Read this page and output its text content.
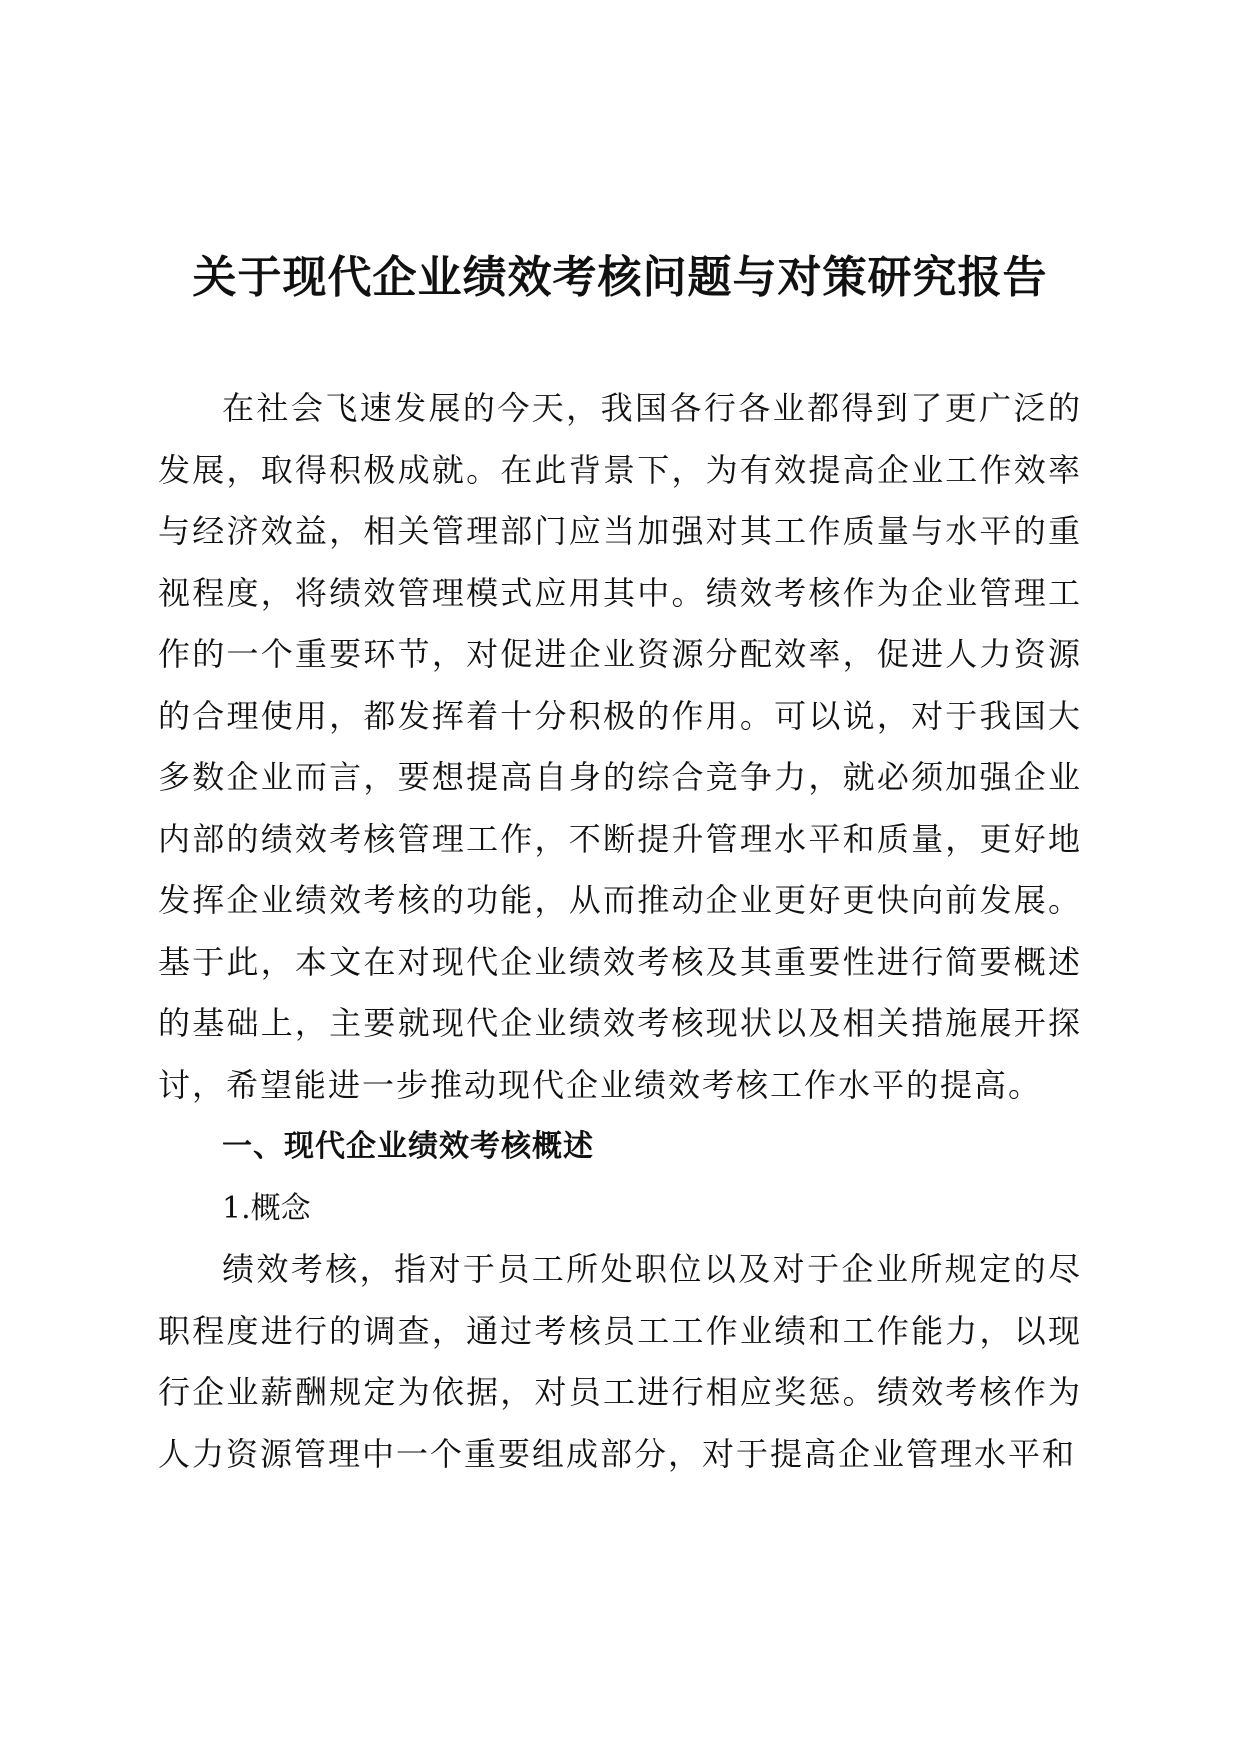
关于现代企业绩效考核问题与对策研究报告

在社会飞速发展的今天，我国各行各业都得到了更广泛的发展，取得积极成就。在此背景下，为有效提高企业工作效率与经济效益，相关管理部门应当加强对其工作质量与水平的重视程度，将绩效管理模式应用其中。绩效考核作为企业管理工作的一个重要环节，对促进企业资源分配效率，促进人力资源的合理使用，都发挥着十分积极的作用。可以说，对于我国大多数企业而言，要想提高自身的综合竞争力，就必须加强企业内部的绩效考核管理工作，不断提升管理水平和质量，更好地发挥企业绩效考核的功能，从而推动企业更好更快向前发展。基于此，本文在对现代企业绩效考核及其重要性进行简要概述的基础上，主要就现代企业绩效考核现状以及相关措施展开探讨，希望能进一步推动现代企业绩效考核工作水平的提高。

一、现代企业绩效考核概述

1.概念

绩效考核，指对于员工所处职位以及对于企业所规定的尽职程度进行的调查，通过考核员工工作业绩和工作能力，以现行企业薪酬规定为依据，对员工进行相应奖惩。绩效考核作为人力资源管理中一个重要组成部分，对于提高企业管理水平和
